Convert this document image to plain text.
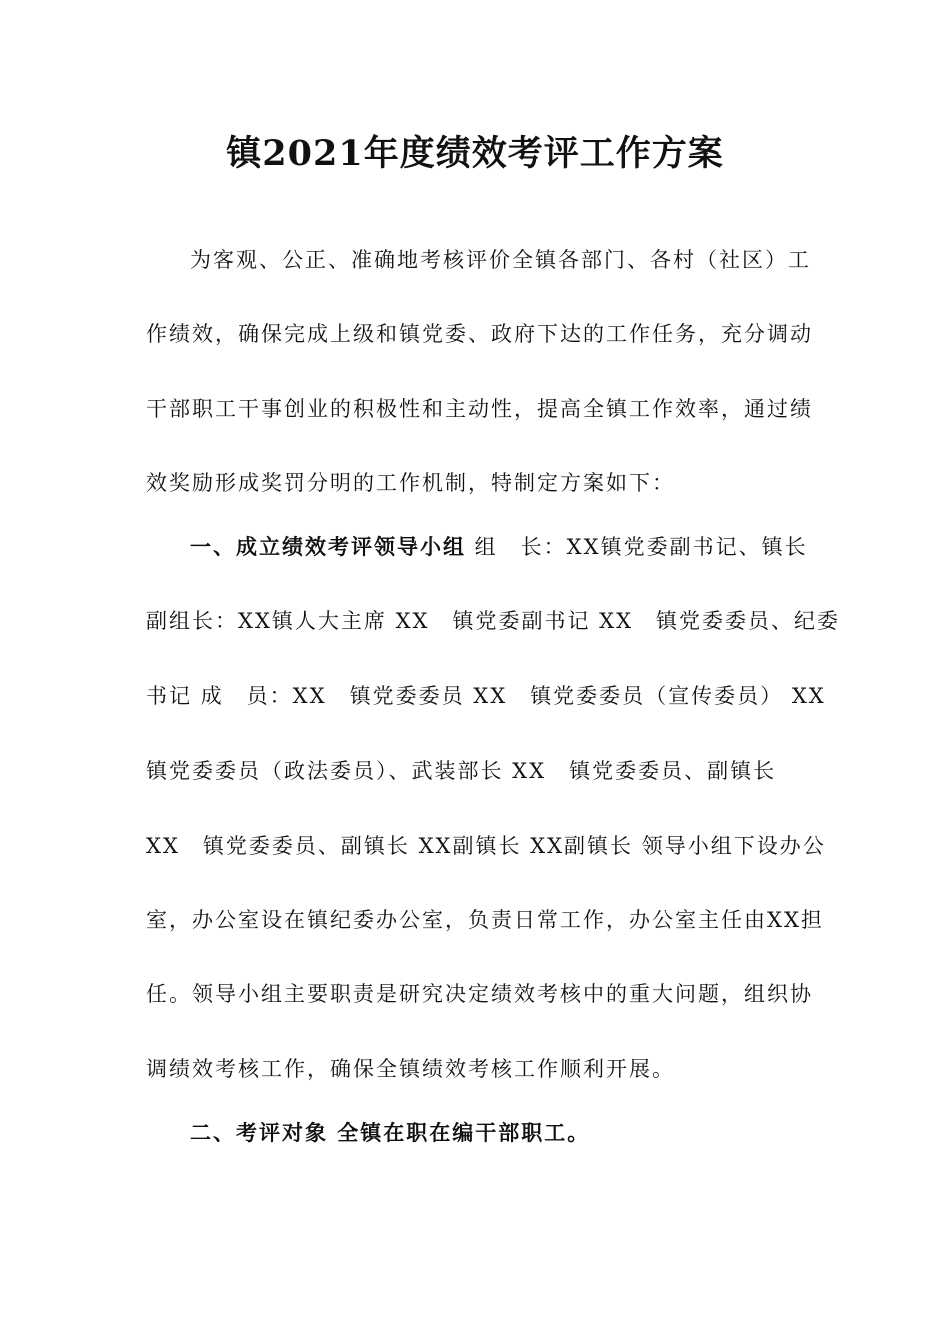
镇2021年度绩效考评工作方案

为客观、公正、准确地考核评价全镇各部门、各村（社区）工

作绩效，确保完成上级和镇党委、政府下达的工作任务，充分调动

干部职工干事创业的积极性和主动性，提高全镇工作效率，通过绩

效奖励形成奖罚分明的工作机制，特制定方案如下：

一、成立绩效考评领导小组 组　长：XX镇党委副书记、镇长

副组长：XX镇人大主席 XX　镇党委副书记 XX　镇党委委员、纪委

书记 成　员：XX　镇党委委员 XX　镇党委委员（宣传委员） XX

镇党委委员（政法委员）、武装部长 XX　镇党委委员、副镇长

XX　镇党委委员、副镇长 XX副镇长 XX副镇长 领导小组下设办公

室，办公室设在镇纪委办公室，负责日常工作，办公室主任由XX担

任。领导小组主要职责是研究决定绩效考核中的重大问题，组织协

调绩效考核工作，确保全镇绩效考核工作顺利开展。

二、考评对象 全镇在职在编干部职工。
